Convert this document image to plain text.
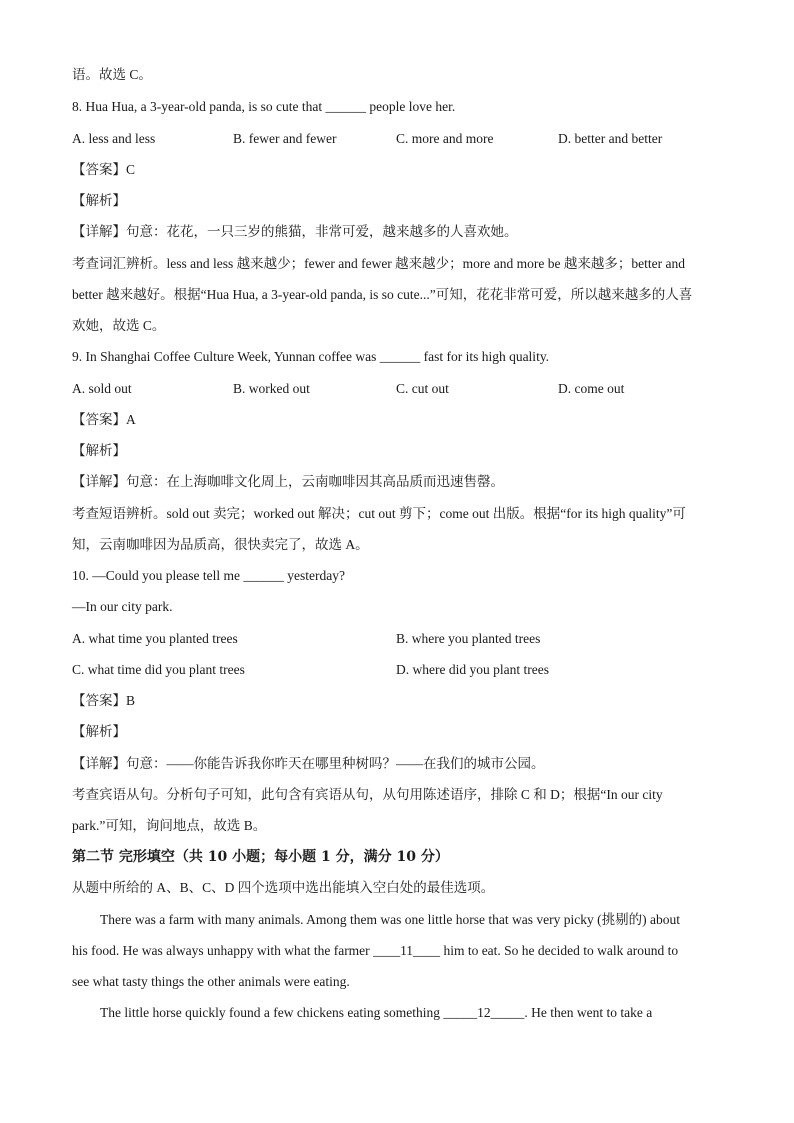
语。故选 C。
8. Hua Hua, a 3-year-old panda, is so cute that ______ people love her.
A. less and less	B. fewer and fewer	C. more and more	D. better and better
【答案】C
【解析】
【详解】句意：花花，一只三岁的熊猫，非常可爱，越来越多的人喜欢她。
考查词汇辨析。less and less 越来越少；fewer and fewer 越来越少；more and more be 越来越多；better and
better 越来越好。根据“Hua Hua, a 3-year-old panda, is so cute...”可知，花花非常可爱，所以越来越多的人喜
欢她，故选 C。
9. In Shanghai Coffee Culture Week, Yunnan coffee was ______ fast for its high quality.
A. sold out	B. worked out	C. cut out	D. come out
【答案】A
【解析】
【详解】句意：在上海咖啡文化周上，云南咖啡因其高品质而迅速售罄。
考查短语辨析。sold out 卖完；worked out 解决；cut out 剪下；come out 出版。根据“for its high quality”可
知，云南咖啡因为品质高，很快卖完了，故选 A。
10. —Could you please tell me ______ yesterday?
—In our city park.
A. what time you planted trees	B. where you planted trees
C. what time did you plant trees	D. where did you plant trees
【答案】B
【解析】
【详解】句意：——你能告诉我你昨天在哪里种树吗？——在我们的城市公园。
考查宾语从句。分析句子可知，此句含有宾语从句，从句用陈述语序，排除 C 和 D；根据“In our city
park.”可知，询问地点，故选 B。
第二节 完形填空（共 10 小题；每小题 1 分，满分 10 分）
从题中所给的 A、B、C、D 四个选项中选出能填入空白处的最佳选项。
There was a farm with many animals. Among them was one little horse that was very picky (挑剔的) about
his food. He was always unhappy with what the farmer ____11____ him to eat. So he decided to walk around to
see what tasty things the other animals were eating.
The little horse quickly found a few chickens eating something _____12_____. He then went to take a
